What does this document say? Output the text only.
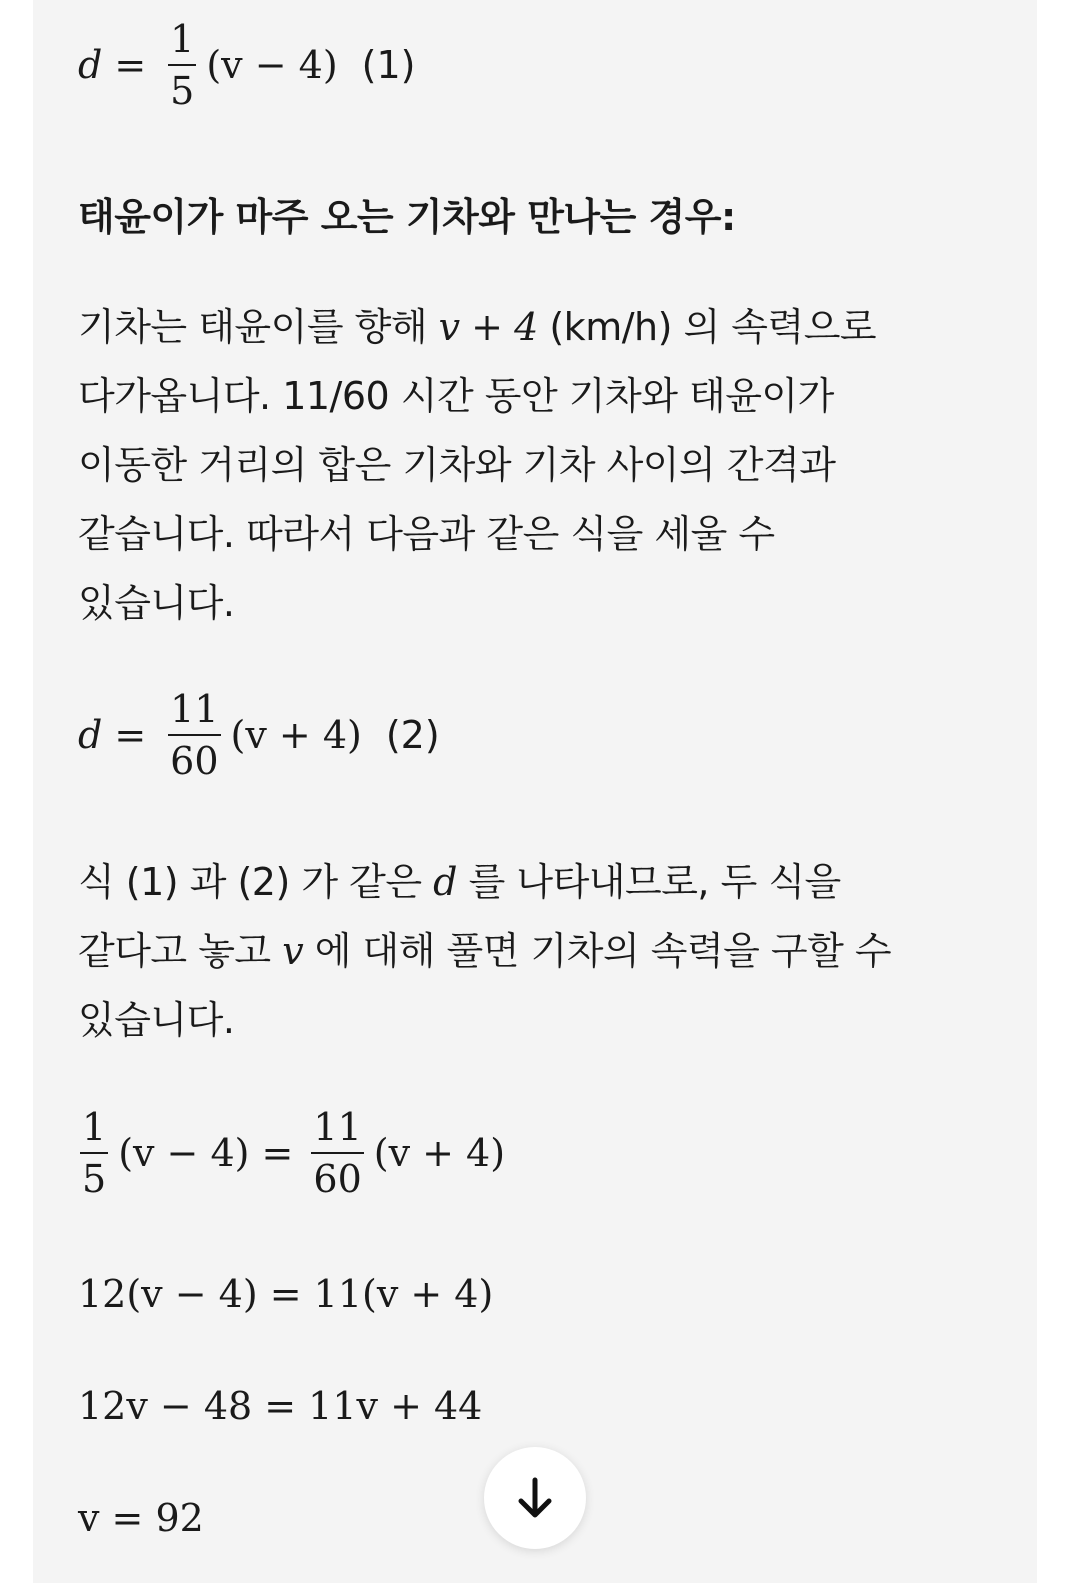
$d = \frac{1}{5} (v - 4)$ (1)
태윤이가 마주 오는 기차와 만나는 경우:
기차는 태윤이를 향해 v + 4 (km/h) 의 속력으로
다가옵니다. 11/60 시간 동안 기차와 태윤이가
이동한 거리의 합은 기차와 기차 사이의 간격과
같습니다. 따라서 다음과 같은 식을 세울 수
있습니다.
$d = \frac{11}{60} (v + 4)$ (2)
식 (1) 과 (2) 가 같은 d 를 나타내므로, 두 식을
같다고 놓고 v 에 대해 풀면 기차의 속력을 구할 수
있습니다.
$\frac{1}{5} (v - 4) = \frac{11}{60} (v + 4)$
12(v − 4) = 11(v + 4)
12v − 48 = 11v + 44
v = 92
